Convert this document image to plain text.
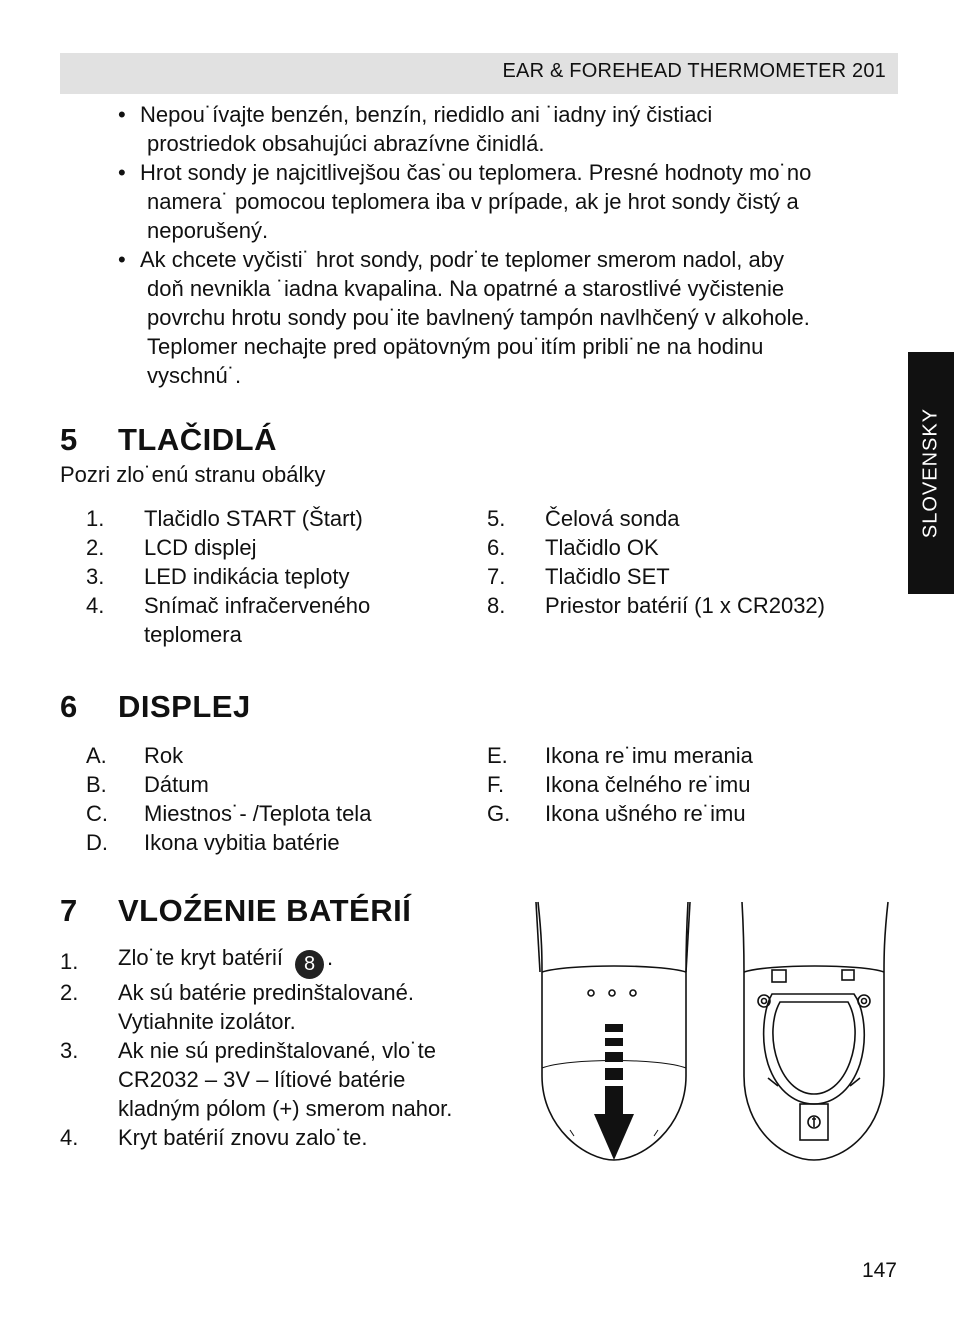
EAR & FOREHEAD THERMOMETER 201
SLOVENSKY
• Nepou˙ívajte benzén, benzín, riedidlo ani ˙iadny iný čistiaci
prostriedok obsahujúci abrazívne činidlá.
• Hrot sondy je najcitlivejšou čas˙ou teplomera. Presné hodnoty mo˙no
namera˙ pomocou teplomera iba v prípade, ak je hrot sondy čistý a
neporušený.
• Ak chcete vyčisti˙ hrot sondy, podr˙te teplomer smerom nadol, aby
doň nevnikla ˙iadna kvapalina. Na opatrné a starostlivé vyčistenie
povrchu hrotu sondy pou˙ite bavlnený tampón navlhčený v alkohole.
Teplomer nechajte pred opätovným pou˙itím pribli˙ne na hodinu
vyschnú˙.
5 TLAČIDLÁ
Pozri zlo˙enú stranu obálky
1.	Tlačidlo START (Štart)
2.	LCD displej
3.	LED indikácia teploty
4.	Snímač infračerveného
teplomera
5.	Čelová sonda
6.	Tlačidlo OK
7.	Tlačidlo SET
8.	Priestor batérií (1 x CR2032)
6 DISPLEJ
A.	Rok
B.	Dátum
C.	Miestnos˙- /Teplota tela
D.	Ikona vybitia batérie
E.	Ikona re˙imu merania
F.	Ikona čelného re˙imu
G.	Ikona ušného re˙imu
7 VLOŹENIE BATÉRIÍ
1.	Zlo˙te kryt batérií 8 .
2.	Ak sú batérie predinštalované.
Vytiahnite izolátor.
3.	Ak nie sú predinštalované, vlo˙te
CR2032 – 3V – lítiové batérie
kladným pólom (+) smerom nahor.
4.	Kryt batérií znovu zalo˙te.
147
